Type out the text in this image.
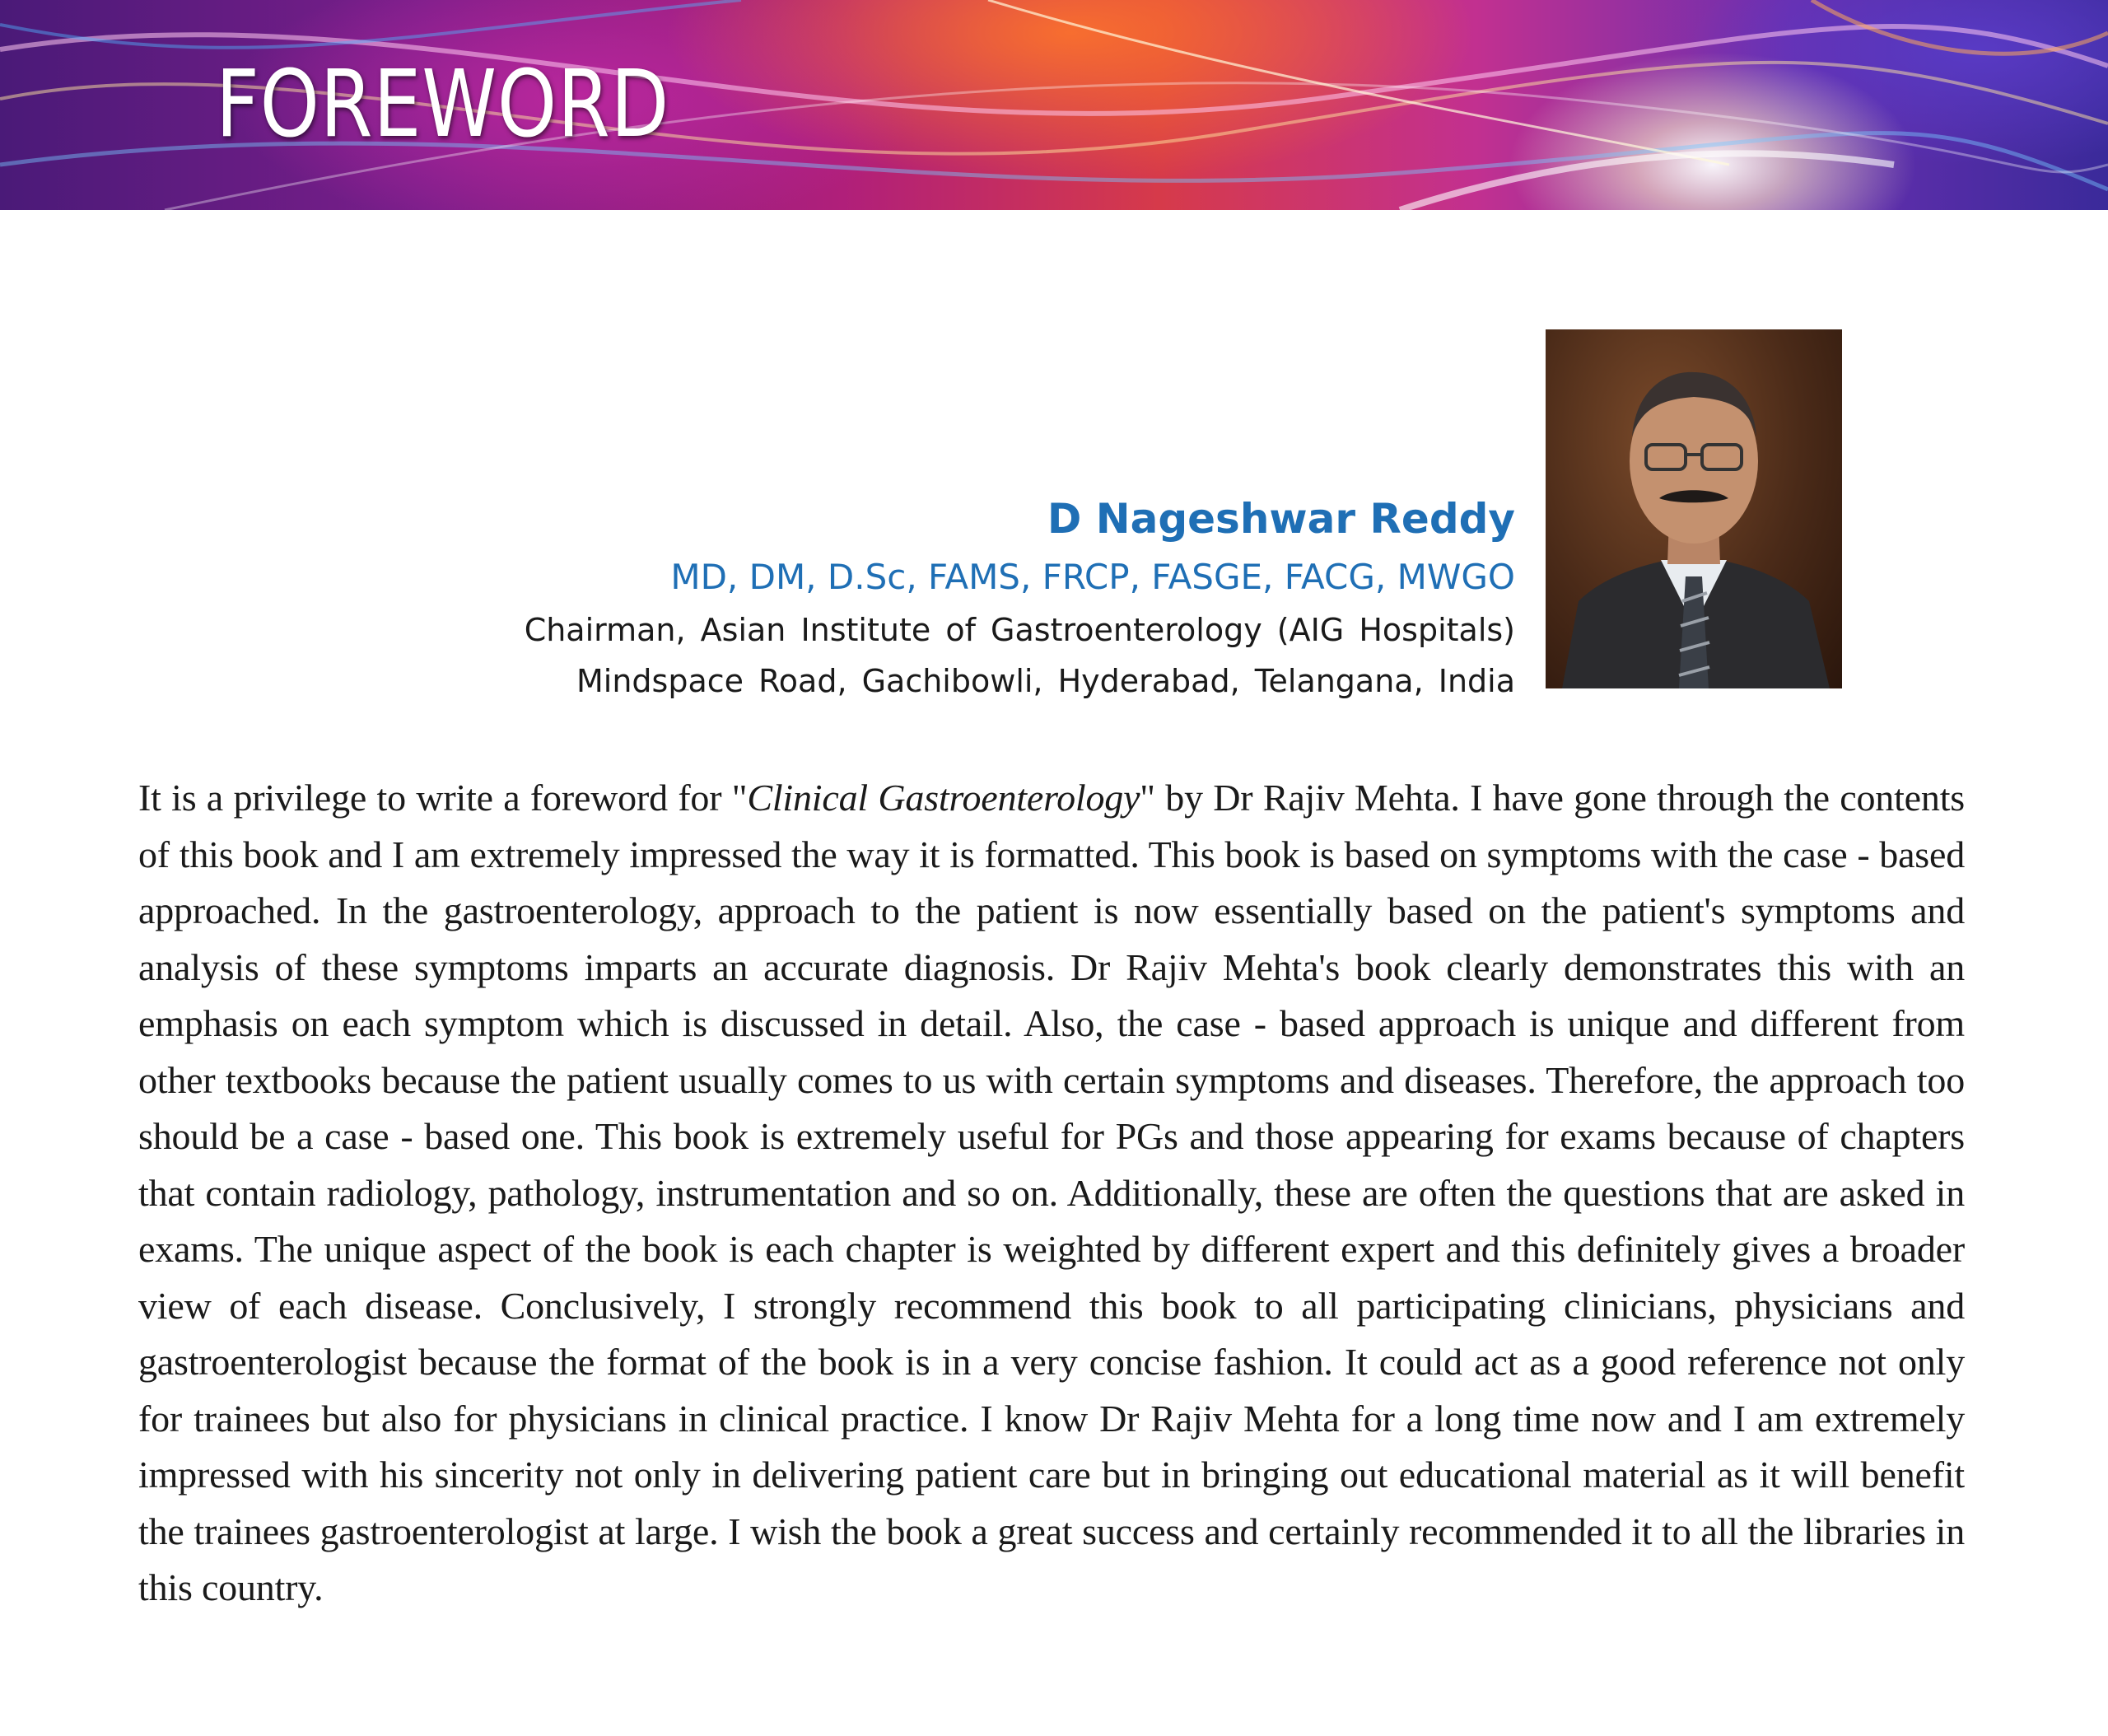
FOREWORD
D Nageshwar Reddy
MD, DM, D.Sc, FAMS, FRCP, FASGE, FACG, MWGO
Chairman, Asian Institute of Gastroenterology (AIG Hospitals)
Mindspace Road, Gachibowli, Hyderabad, Telangana, India
It is a privilege to write a foreword for "Clinical Gastroenterology" by Dr Rajiv Mehta. I have gone through the contents of this book and I am extremely impressed the way it is formatted. This book is based on symptoms with the case - based approached. In the gastroenterology, approach to the patient is now essentially based on the patient's symptoms and analysis of these symptoms imparts an accurate diagnosis. Dr Rajiv Mehta's book clearly demonstrates this with an emphasis on each symptom which is discussed in detail. Also, the case - based approach is unique and different from other textbooks because the patient usually comes to us with certain symptoms and diseases. Therefore, the approach too should be a case - based one. This book is extremely useful for PGs and those appearing for exams because of chapters that contain radiology, pathology, instrumentation and so on. Additionally, these are often the questions that are asked in exams. The unique aspect of the book is each chapter is weighted by different expert and this definitely gives a broader view of each disease. Conclusively, I strongly recommend this book to all participating clinicians, physicians and gastroenterologist because the format of the book is in a very concise fashion. It could act as a good reference not only for trainees but also for physicians in clinical practice. I know Dr Rajiv Mehta for a long time now and I am extremely impressed with his sincerity not only in delivering patient care but in bringing out educational material as it will benefit the trainees gastroenterologist at large. I wish the book a great success and certainly recommended it to all the libraries in this country.
